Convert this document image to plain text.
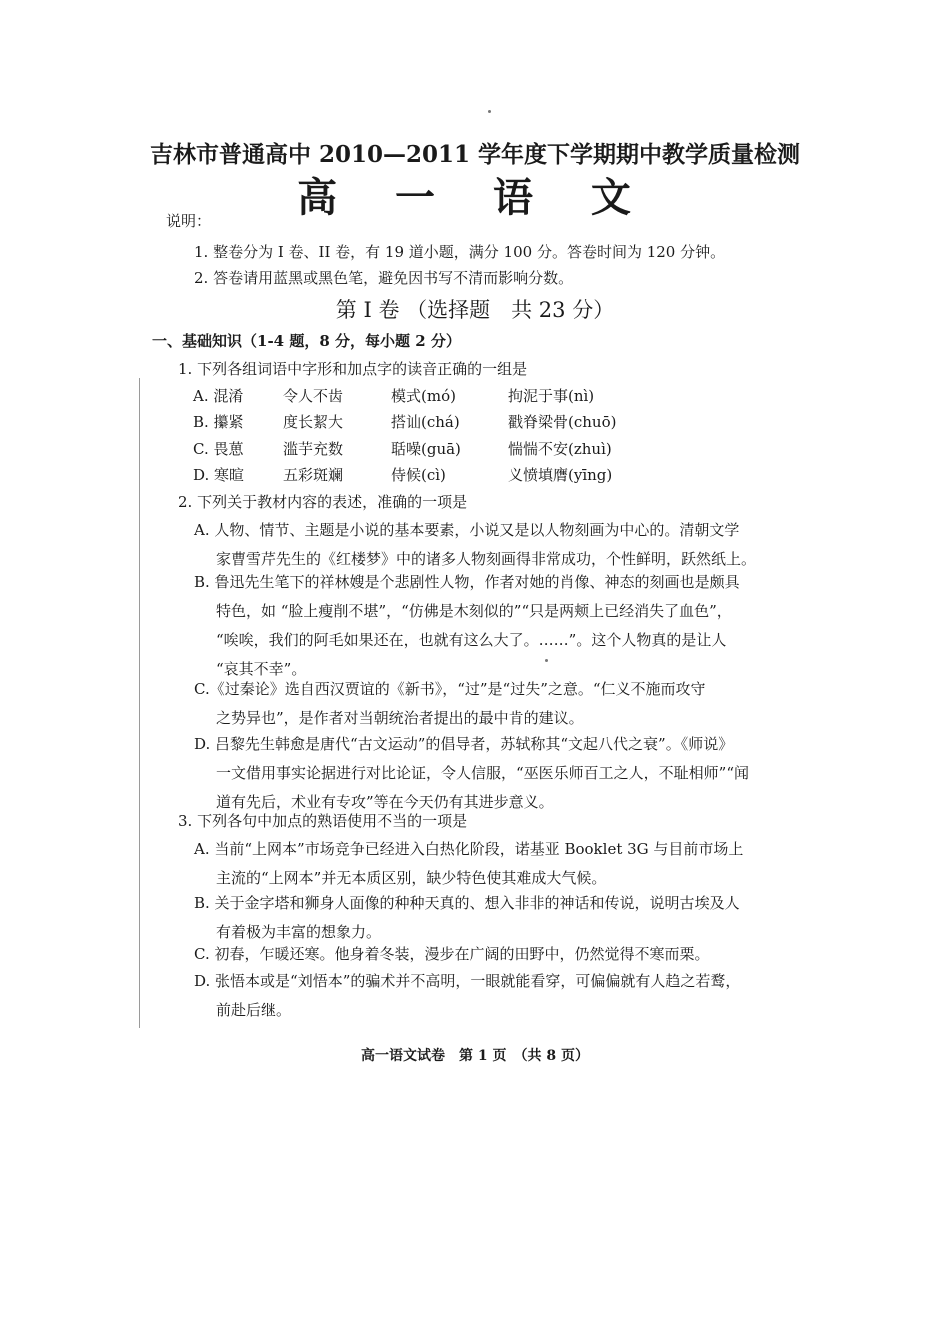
吉林市普通高中 2010—2011 学年度下学期期中教学质量检测
高 一 语 文
说明：
1. 整卷分为 I 卷、II 卷，有 19 道小题，满分 100 分。答卷时间为 120 分钟。
2. 答卷请用蓝黑或黑色笔，避免因书写不清而影响分数。
第 I 卷 （选择题　共 23 分）
一、基础知识（1-4 题，8 分，每小题 2 分）
1. 下列各组词语中字形和加点字的读音正确的一组是
A. 混淆	令人不齿	模式(mó)	拘泥于事(nì)
B. 攥紧	度长絜大	搭讪(chá)	戳脊梁骨(chuō)
C. 畏葸	滥芋充数	聒噪(guā)	惴惴不安(zhuì)
D. 寒暄	五彩斑斓	侍候(cì)	义愤填膺(yīng)
2. 下列关于教材内容的表述，准确的一项是
A. 人物、情节、主题是小说的基本要素，小说又是以人物刻画为中心的。清朝文学
家曹雪芹先生的《红楼梦》中的诸多人物刻画得非常成功，个性鲜明，跃然纸上。
B. 鲁迅先生笔下的祥林嫂是个悲剧性人物，作者对她的肖像、神态的刻画也是颇具
特色，如 “脸上瘦削不堪”，“仿佛是木刻似的”“只是两颊上已经消失了血色”，
“唉唉，我们的阿毛如果还在，也就有这么大了。……”。这个人物真的是让人
“哀其不幸”。
C.《过秦论》选自西汉贾谊的《新书》，“过”是“过失”之意。“仁义不施而攻守
之势异也”，是作者对当朝统治者提出的最中肯的建议。
D. 吕黎先生韩愈是唐代“古文运动”的倡导者，苏轼称其“文起八代之衰”。《师说》
一文借用事实论据进行对比论证，令人信服，“巫医乐师百工之人，不耻相师”“闻
道有先后，术业有专攻”等在今天仍有其进步意义。
3. 下列各句中加点的熟语使用不当的一项是
A. 当前“上网本”市场竞争已经进入白热化阶段，诺基亚 Booklet 3G 与目前市场上
主流的“上网本”并无本质区别，缺少特色使其难成大气候。
B. 关于金字塔和狮身人面像的种种天真的、想入非非的神话和传说，说明古埃及人
有着极为丰富的想象力。
C. 初春，乍暖还寒。他身着冬装，漫步在广阔的田野中，仍然觉得不寒而栗。
D. 张悟本或是“刘悟本”的骗术并不高明，一眼就能看穿，可偏偏就有人趋之若鹜，
前赴后继。
高一语文试卷　第 1 页　（共 8 页）
